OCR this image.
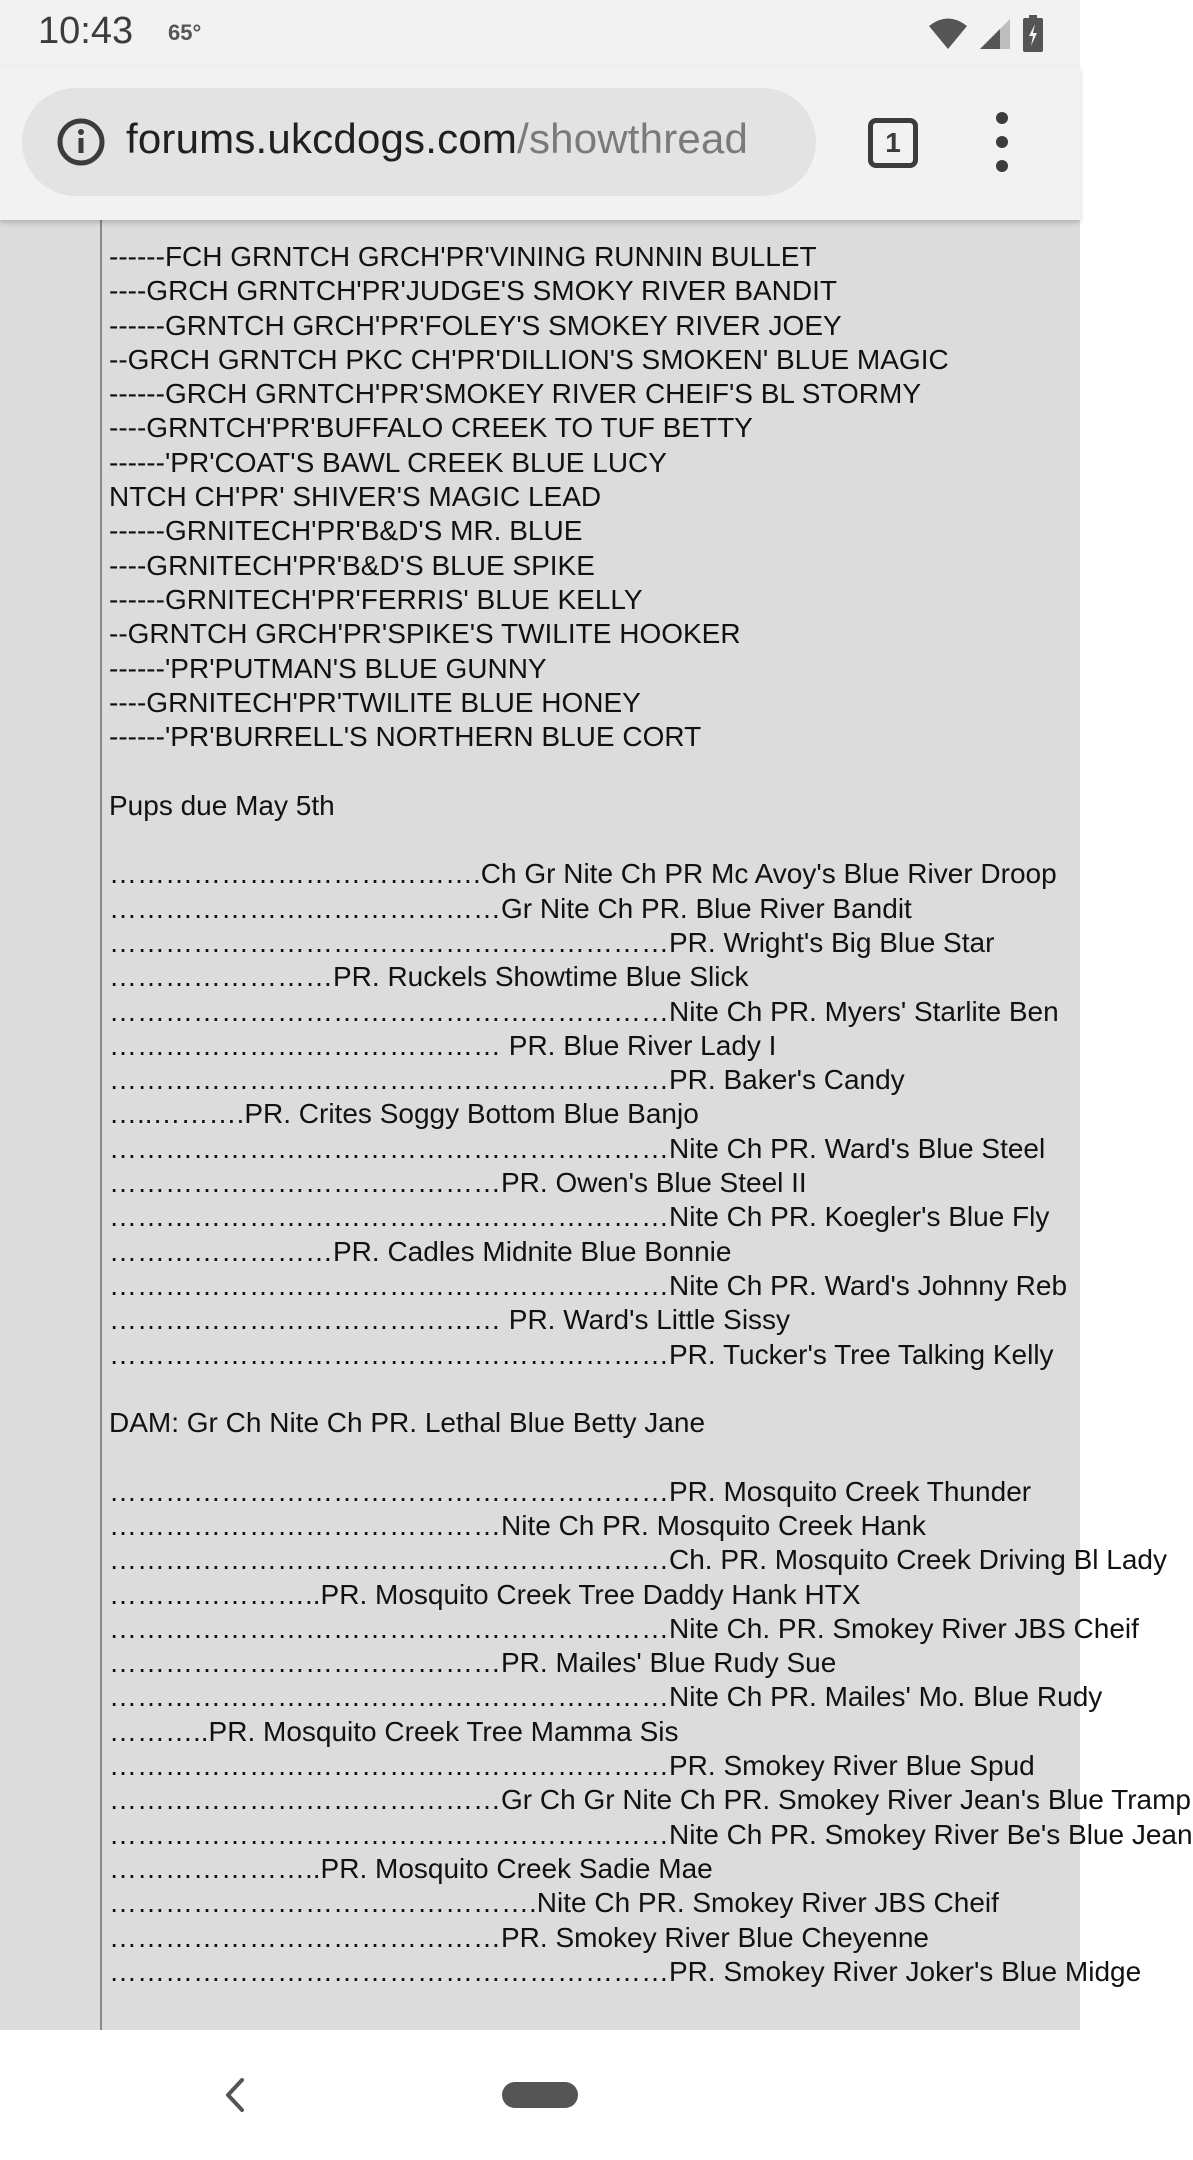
10:43 65°
forums.ukcdogs.com/showthread	1
------FCH GRNTCH GRCH'PR'VINING RUNNIN BULLET
----GRCH GRNTCH'PR'JUDGE'S SMOKY RIVER BANDIT
------GRNTCH GRCH'PR'FOLEY'S SMOKEY RIVER JOEY
--GRCH GRNTCH PKC CH'PR'DILLION'S SMOKEN' BLUE MAGIC
------GRCH GRNTCH'PR'SMOKEY RIVER CHEIF'S BL STORMY
----GRNTCH'PR'BUFFALO CREEK TO TUF BETTY
------'PR'COAT'S BAWL CREEK BLUE LUCY
NTCH CH'PR' SHIVER'S MAGIC LEAD
------GRNITECH'PR'B&D'S MR. BLUE
----GRNITECH'PR'B&D'S BLUE SPIKE
------GRNITECH'PR'FERRIS' BLUE KELLY
--GRNTCH GRCH'PR'SPIKE'S TWILITE HOOKER
------'PR'PUTMAN'S BLUE GUNNY
----GRNITECH'PR'TWILITE BLUE HONEY
------'PR'BURRELL'S NORTHERN BLUE CORT
Pups due May 5th
………………………………….Ch Gr Nite Ch PR Mc Avoy's Blue River Droop
……………………………………Gr Nite Ch PR. Blue River Bandit
……………………………………………………PR. Wright's Big Blue Star
……………………PR. Ruckels Showtime Blue Slick
……………………………………………………Nite Ch PR. Myers' Starlite Ben
…………………………………… PR. Blue River Lady I
……………………………………………………PR. Baker's Candy
…..……….PR. Crites Soggy Bottom Blue Banjo
……………………………………………………Nite Ch PR. Ward's Blue Steel
……………………………………PR. Owen's Blue Steel II
……………………………………………………Nite Ch PR. Koegler's Blue Fly
……………………PR. Cadles Midnite Blue Bonnie
……………………………………………………Nite Ch PR. Ward's Johnny Reb
…………………………………… PR. Ward's Little Sissy
……………………………………………………PR. Tucker's Tree Talking Kelly
DAM: Gr Ch Nite Ch PR. Lethal Blue Betty Jane
……………………………………………………PR. Mosquito Creek Thunder
……………………………………Nite Ch PR. Mosquito Creek Hank
……………………………………………………Ch. PR. Mosquito Creek Driving Bl Lady
…………………..PR. Mosquito Creek Tree Daddy Hank HTX
……………………………………………………Nite Ch. PR. Smokey River JBS Cheif
……………………………………PR. Mailes' Blue Rudy Sue
……………………………………………………Nite Ch PR. Mailes' Mo. Blue Rudy
………..PR. Mosquito Creek Tree Mamma Sis
……………………………………………………PR. Smokey River Blue Spud
……………………………………Gr Ch Gr Nite Ch PR. Smokey River Jean's Blue Tramp
……………………………………………………Nite Ch PR. Smokey River Be's Blue Jean
…………………..PR. Mosquito Creek Sadie Mae
……………………………………….Nite Ch PR. Smokey River JBS Cheif
……………………………………PR. Smokey River Blue Cheyenne
……………………………………………………PR. Smokey River Joker's Blue Midge
